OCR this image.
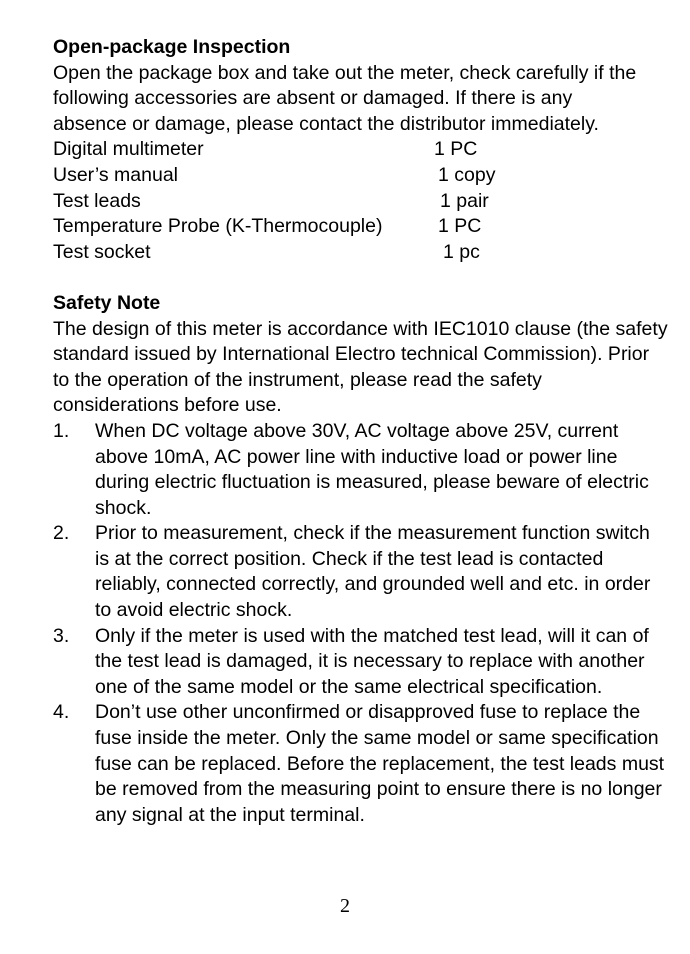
Open-package Inspection

Open the package box and take out the meter, check carefully if the following accessories are absent or damaged. If there is any absence or damage, please contact the distributor immediately.

Digital multimeter	1 PC
User’s manual	1 copy
Test leads	1 pair
Temperature Probe (K-Thermocouple)	1 PC
Test socket	1 pc
Safety Note

The design of this meter is accordance with IEC1010 clause (the safety standard issued by International Electro technical Commission). Prior to the operation of the instrument, please read the safety considerations before use.

1. When DC voltage above 30V, AC voltage above 25V, current above 10mA, AC power line with inductive load or power line during electric fluctuation is measured, please beware of electric shock.
2. Prior to measurement, check if the measurement function switch is at the correct position. Check if the test lead is contacted reliably, connected correctly, and grounded well and etc. in order to avoid electric shock.
3. Only if the meter is used with the matched test lead, will it can of the test lead is damaged, it is necessary to replace with another one of the same model or the same electrical specification.
4. Don’t use other unconfirmed or disapproved fuse to replace the fuse inside the meter. Only the same model or same specification fuse can be replaced. Before the replacement, the test leads must be removed from the measuring point to ensure there is no longer any signal at the input terminal.
2
